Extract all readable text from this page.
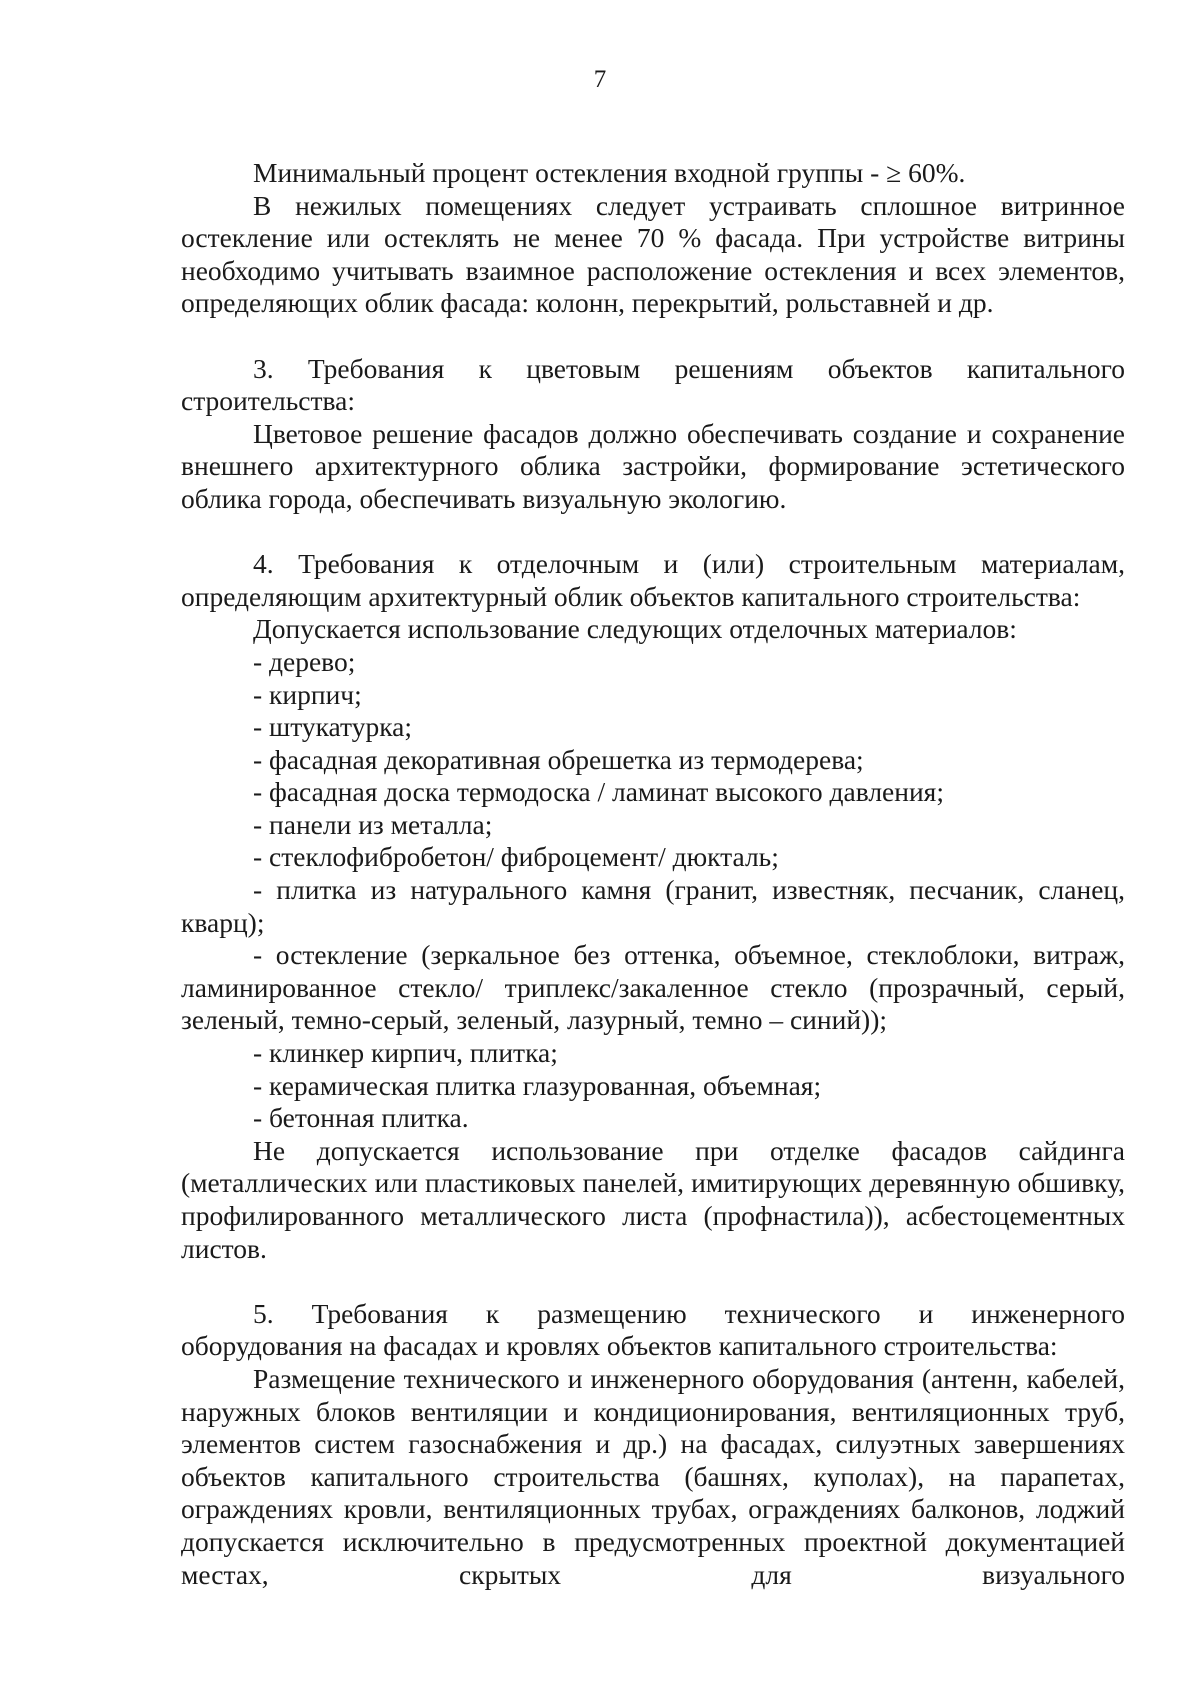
7

Минимальный процент остекления входной группы - ≥ 60%.

В нежилых помещениях следует устраивать сплошное витринное остекление или остеклять не менее 70 % фасада. При устройстве витрины необходимо учитывать взаимное расположение остекления и всех элементов, определяющих облик фасада: колонн, перекрытий, рольставней и др.

3. Требования к цветовым решениям объектов капитального

строительства:

Цветовое решение фасадов должно обеспечивать создание и сохранение внешнего архитектурного облика застройки, формирование эстетического облика города, обеспечивать визуальную экологию.

4. Требования к отделочным и (или) строительным материалам,

определяющим архитектурный облик объектов капитального строительства:

Допускается использование следующих отделочных материалов:

- дерево;

- кирпич;

- штукатурка;

- фасадная декоративная обрешетка из термодерева;

- фасадная доска термодоска / ламинат высокого давления;

- панели из металла;

- стеклофибробетон/ фиброцемент/ дюкталь;

- плитка из натурального камня (гранит, известняк, песчаник, сланец, кварц);

- остекление (зеркальное без оттенка, объемное, стеклоблоки, витраж, ламинированное стекло/ триплекс/закаленное стекло (прозрачный, серый, зеленый, темно-серый, зеленый, лазурный, темно – синий));

- клинкер кирпич, плитка;

- керамическая плитка глазурованная, объемная;

- бетонная плитка.

Не допускается использование при отделке фасадов сайдинга (металлических или пластиковых панелей, имитирующих деревянную обшивку, профилированного металлического листа (профнастила)), асбестоцементных листов.

5. Требования к размещению технического и инженерного

оборудования на фасадах и кровлях объектов капитального строительства:

Размещение технического и инженерного оборудования (антенн, кабелей, наружных блоков вентиляции и кондиционирования, вентиляционных труб, элементов систем газоснабжения и др.) на фасадах, силуэтных завершениях объектов капитального строительства (башнях, куполах), на парапетах, ограждениях кровли, вентиляционных трубах, ограждениях балконов, лоджий допускается исключительно в предусмотренных проектной документацией местах, скрытых для визуального
